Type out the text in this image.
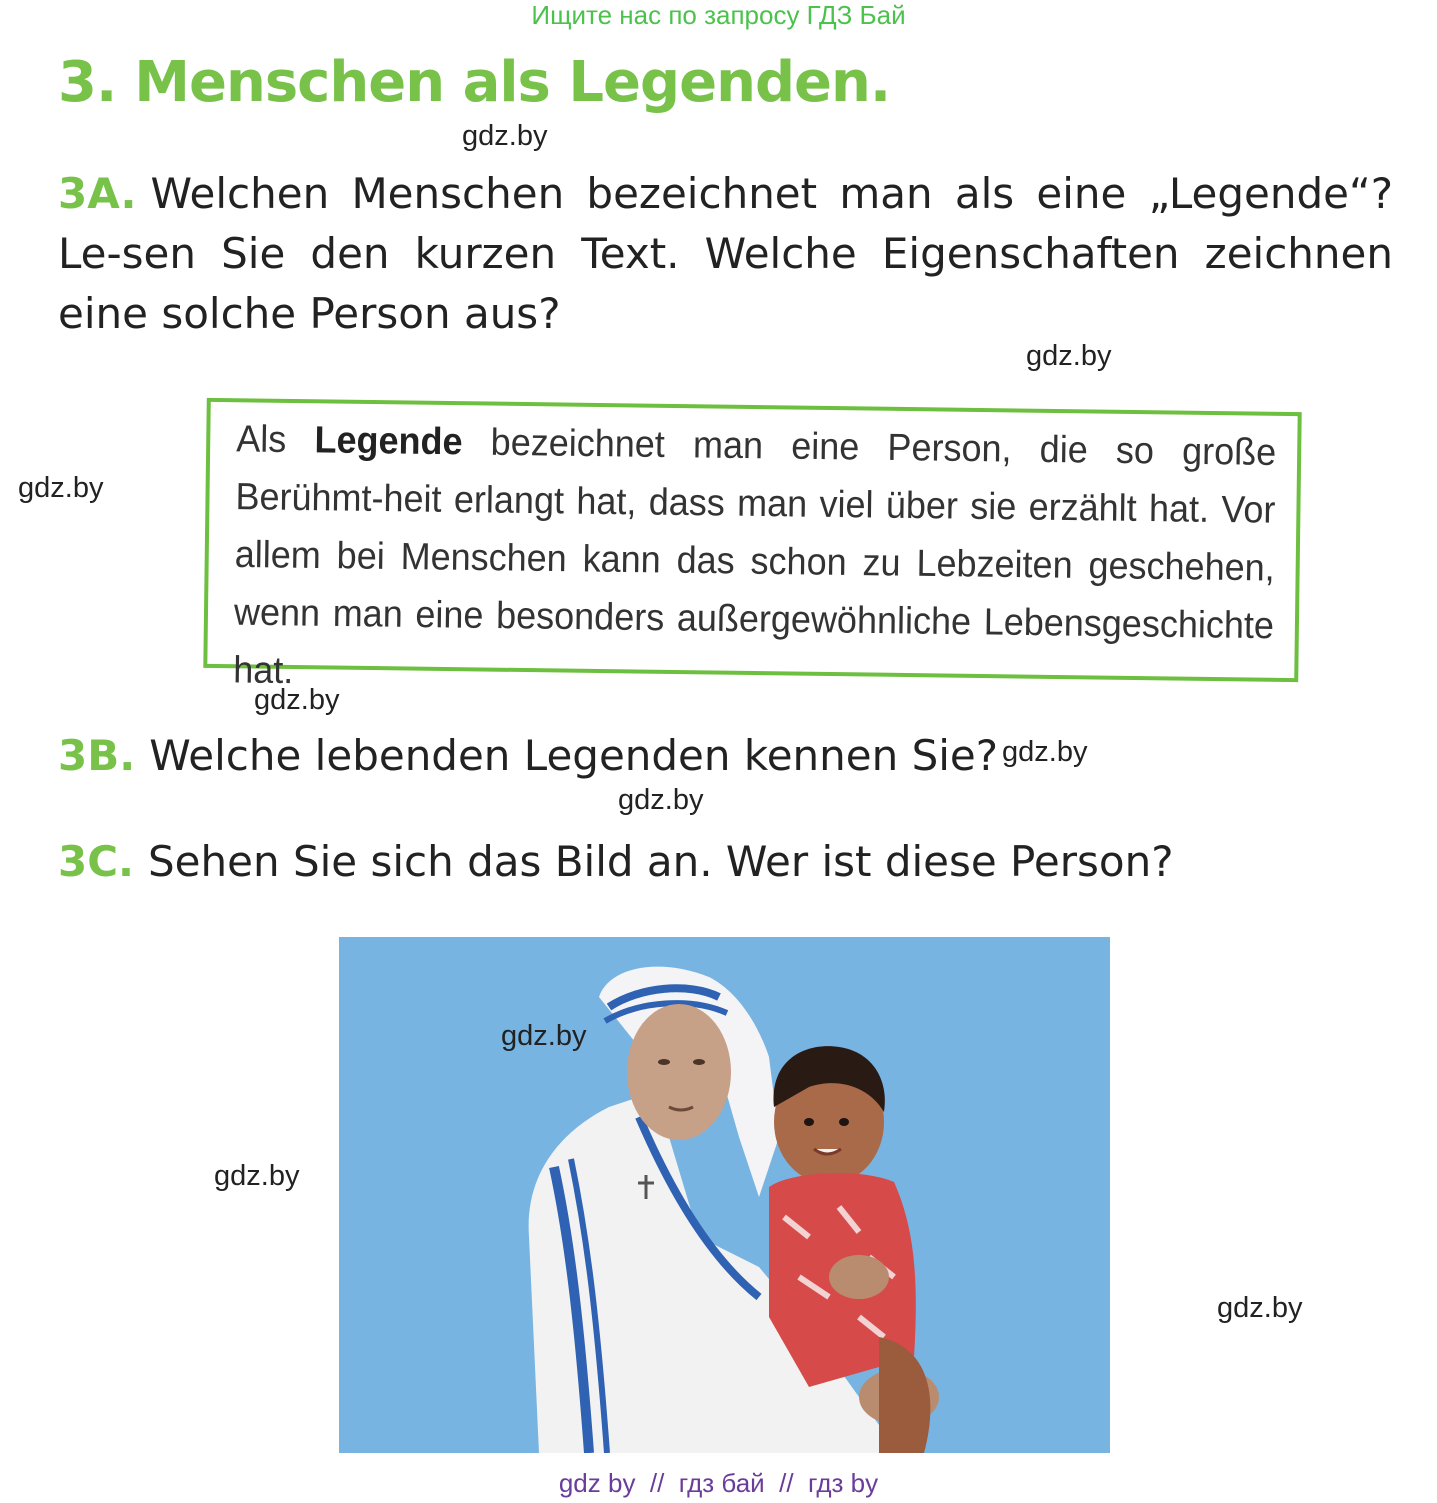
Ищите нас по запросу ГДЗ Бай
3. Menschen als Legenden.
gdz.by
3A. Welchen Menschen bezeichnet man als eine „Legende“? Le-sen Sie den kurzen Text. Welche Eigenschaften zeichnen eine solche Person aus?
gdz.by
gdz.by
Als Legende bezeichnet man eine Person, die so große Berühmt-heit erlangt hat, dass man viel über sie erzählt hat. Vor allem bei Menschen kann das schon zu Lebzeiten geschehen, wenn man eine besonders außergewöhnliche Lebensgeschichte hat.
gdz.by
3B. Welche lebenden Legenden kennen Sie? gdz.by
gdz.by
3C. Sehen Sie sich das Bild an. Wer ist diese Person?
gdz.by
gdz.by
gdz.by
gdz by  //  гдз бай  //  гдз by
